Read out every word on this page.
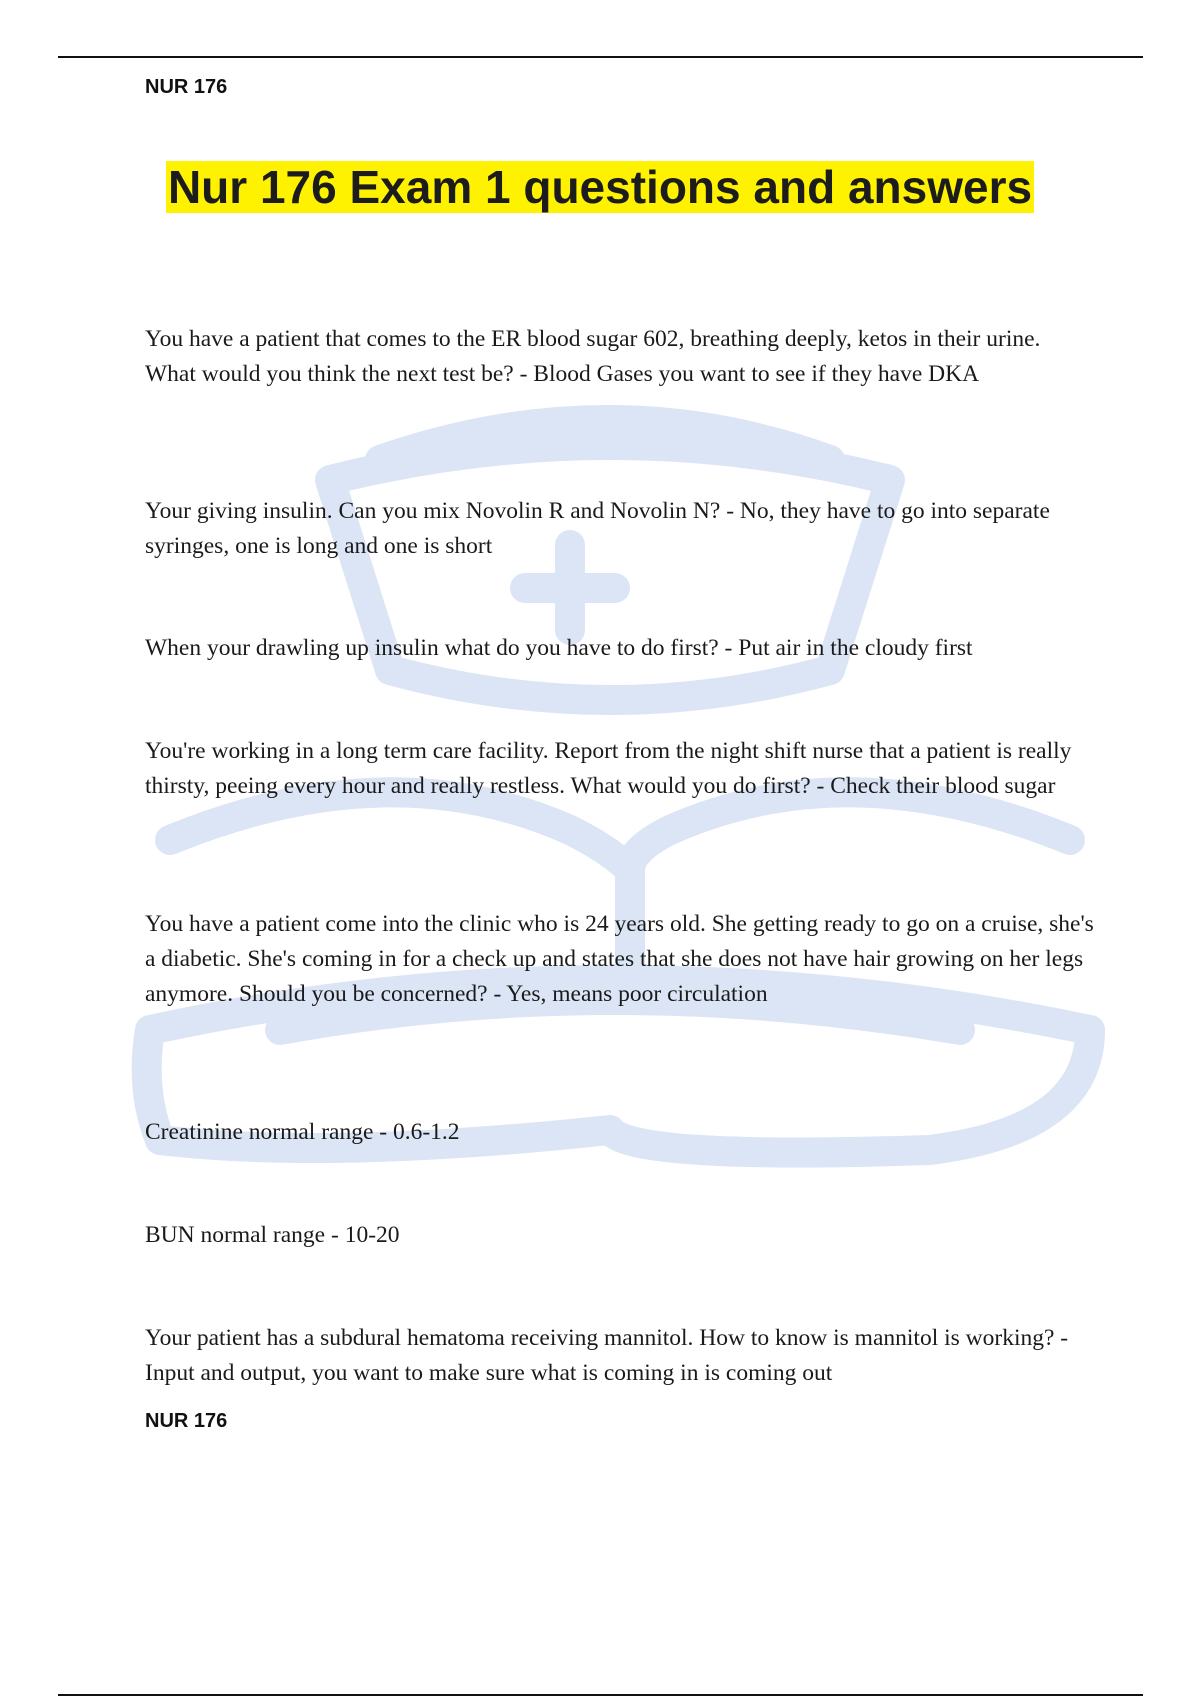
NUR 176
Nur 176 Exam 1 questions and answers

You have a patient that comes to the ER blood sugar 602, breathing deeply, ketos in their urine. What would you think the next test be? - Blood Gases you want to see if they have DKA

Your giving insulin. Can you mix Novolin R and Novolin N? - No, they have to go into separate syringes, one is long and one is short

When your drawling up insulin what do you have to do first? - Put air in the cloudy first

You're working in a long term care facility. Report from the night shift nurse that a patient is really thirsty, peeing every hour and really restless. What would you do first? - Check their blood sugar

You have a patient come into the clinic who is 24 years old. She getting ready to go on a cruise, she's a diabetic. She's coming in for a check up and states that she does not have hair growing on her legs anymore. Should you be concerned? - Yes, means poor circulation

Creatinine normal range - 0.6-1.2

BUN normal range - 10-20

Your patient has a subdural hematoma receiving mannitol. How to know is mannitol is working? - Input and output, you want to make sure what is coming in is coming out

NUR 176
